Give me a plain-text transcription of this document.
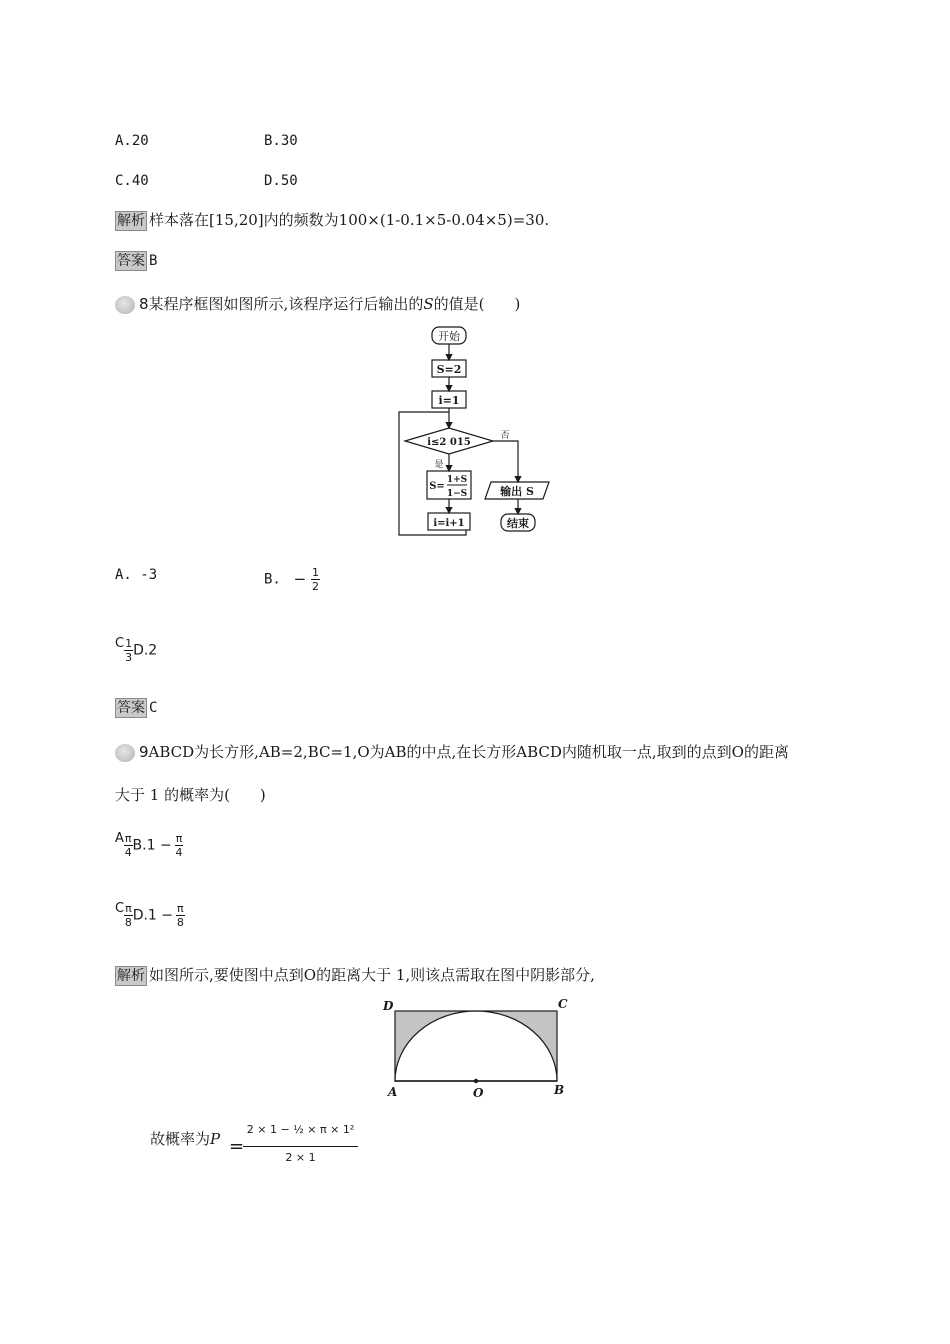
A.20	B.30
C.40	D.50
解析 样本落在[15,20]内的频数为100×(1-0.1×5-0.04×5)=30.
答案 B
8某程序框图如图所示,该程序运行后输出的S的值是(　　)
开始
S=2
i=1
i≤2 015
否
是
S=
1+S
1−S
i=i+1
输出 S
结束
A. -3	B. − $\frac{1}{2}$
C $\frac{1}{3} D.2$
答案 C
9ABCD为长方形,AB=2,BC=1,O为AB的中点,在长方形ABCD内随机取一点,取到的点到O的距离
大于 1 的概率为(　　)
A $\frac{\pi}{4} B.1 - \frac{\pi}{4}$
C $\frac{\pi}{8} D.1 - \frac{\pi}{8}$
解析 如图所示,要使图中点到O的距离大于 1,则该点需取在图中阴影部分,
D	C
A	O	B
故概率为P =
2 × 1 − ½ × π × 1²
2 × 1
